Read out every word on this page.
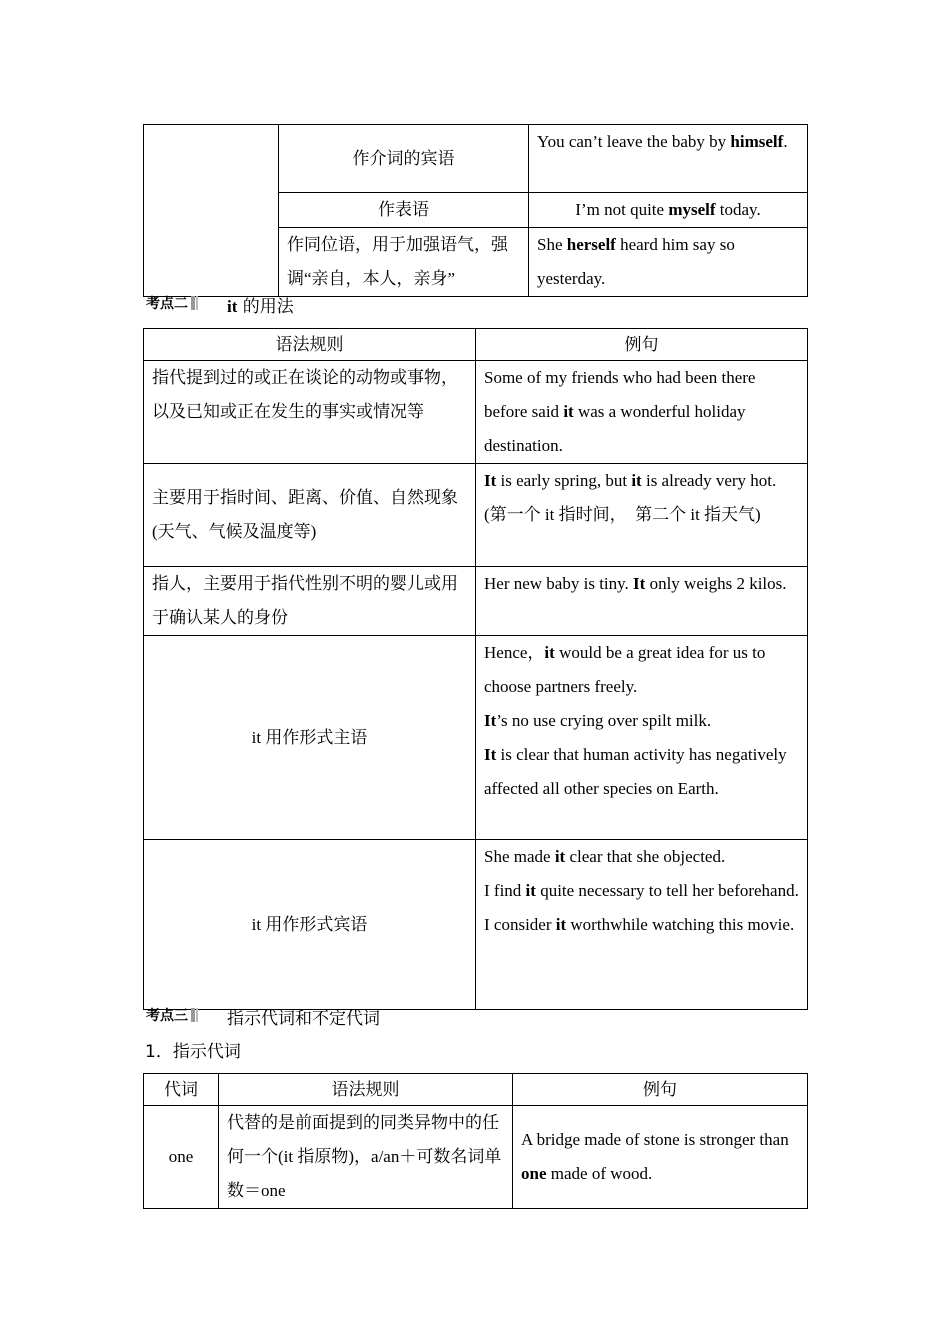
	作介词的宾语	You can’t leave the baby by himself.
	作表语	I’m not quite myself today.
	作同位语，用于加强语气，强调“亲自，本人，亲身”	She herself heard him say so yesterday.
考点二	it 的用法
语法规则	例句
指代提到过的或正在谈论的动物或事物，以及已知或正在发生的事实或情况等	Some of my friends who had been there before said it was a wonderful holiday destination.
主要用于指时间、距离、价值、自然现象(天气、气候及温度等)	It is early spring, but it is already very hot.
(第一个 it 指时间，　第二个 it 指天气)

指人，主要用于指代性别不明的婴儿或用于确认某人的身份	Her new baby is tiny. It only weighs 2 kilos.
it 用作形式主语	Hence，it would be a great idea for us to choose partners freely.
It’s no use crying over spilt milk.
It is clear that human activity has negatively affected all other species on Earth.

it 用作形式宾语	She made it clear that she objected.
I find it quite necessary to tell her beforehand.
I consider it worthwhile watching this movie.
考点三	指示代词和不定代词
1．指示代词
代词	语法规则	例句
one	代替的是前面提到的同类异物中的任何一个(it 指原物)，a/an＋可数名词单数＝one	A bridge made of stone is stronger than one made of wood.
